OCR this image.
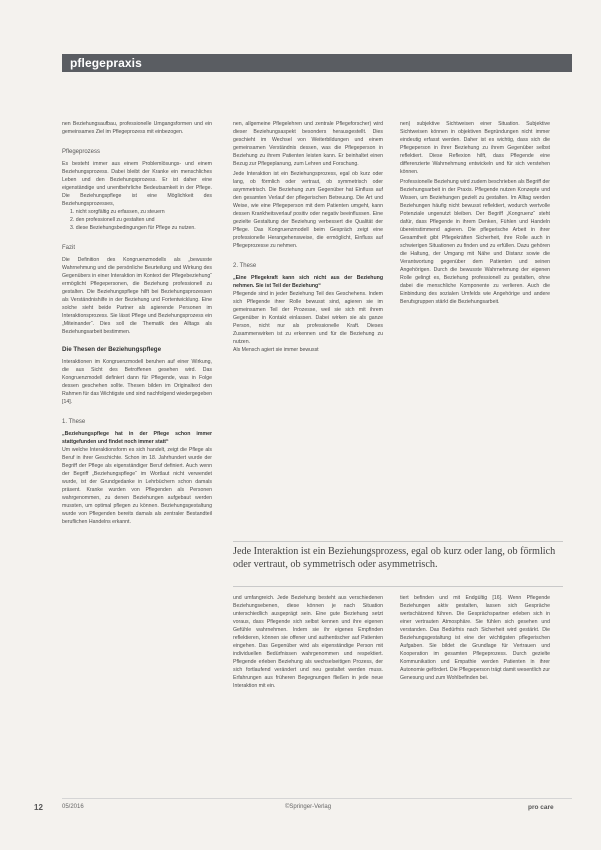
pflegepraxis

nen Beziehungsaufbau, professionelle Umgangsformen und ein gemeinsames Ziel im Pflegeprozess mit einbezogen.

Pflegeprozess

Es besteht immer aus einem Problemlösungs- und einem Beziehungsprozess. Dabei bleibt der Kranke ein menschliches Leben und den Beziehungsprozess. Er ist daher eine eigenständige und unentbehrliche Bedeutsamkeit in der Pflege. Die Beziehungspflege ist eine Möglichkeit des Beziehungsprozesses,

1. nicht sorgfältig zu erfassen, zu steuern
2. den professionell zu gestalten und
3. diese Beziehungsbedingungen für Pflege zu nutzen.
Fazit

Die Definition des Kongruenzmodells als „bewusste Wahrnehmung und die persönliche Beurteilung und Wirkung des Gegenübers in einer Interaktion im Kontext der Pflegebeziehung“ ermöglicht Pflegepersonen, die Beziehung professionell zu gestalten. Die Beziehungspflege hilft bei Beziehungsprozessen als Verständnishilfe in der Beziehung und Fortentwicklung. Eine solche sieht beide Partner als agierende Personen im Interaktionsprozess. Sie lässt Pflege und Beziehungsprozess ein „Miteinander“. Dies soll die Thematik des Alltags als Beziehungsarbeit bestimmen.

Die Thesen der Beziehungspflege

Interaktionen im Kongruenzmodell beruhen auf einer Wirkung, die aus Sicht des Betroffenen gesehen wird. Das Kongruenzmodell definiert dann für Pflegende, was in Folge dessen geschehen sollte. Thesen bilden im Originaltext den Rahmen für das Wichtigste und sind nachfolgend wiedergegeben [14].

1. These

„Beziehungspflege hat in der Pflege schon immer stattgefunden und findet noch immer statt“

Um welche Interaktionsform es sich handelt, zeigt die Pflege als Beruf in ihrer Geschichte. Schon im 18. Jahrhundert wurde der Begriff der Pflege als eigenständiger Beruf definiert. Auch wenn der Begriff „Beziehungspflege“ im Wortlaut nicht verwendet wurde, ist der Grundgedanke in Lehrbüchern schon damals präsent. Kranke wurden von Pflegenden als Personen wahrgenommen, zu denen Beziehungen aufgebaut werden mussten, um optimal pflegen zu können. Beziehungsgestaltung wurde von Pflegenden bereits damals als zentraler Bestandteil beruflichen Handelns erkannt.

nen, allgemeine Pflegelehren und zentrale Pflegeforscher) wird dieser Beziehungsaspekt besonders herausgestellt. Dies geschieht im Wechsel von Weiterbildungen und einem gemeinsamen Verständnis dessen, was die Pflegeperson in Beziehung zu ihrem Patienten leisten kann. Er beinhaltet einen Bezug zur Pflegeplanung, zum Lehren und Forschung.

Jede Interaktion ist ein Beziehungsprozess, egal ob kurz oder lang, ob förmlich oder vertraut, ob symmetrisch oder asymmetrisch. Die Beziehung zum Gegenüber hat Einfluss auf den gesamten Verlauf der pflegerischen Betreuung. Die Art und Weise, wie eine Pflegeperson mit dem Patienten umgeht, kann dessen Krankheitsverlauf positiv oder negativ beeinflussen. Eine gezielte Gestaltung der Beziehung verbessert die Qualität der Pflege. Das Kongruenzmodell beim Gespräch zeigt eine professionelle Herangehensweise, die ermöglicht, Einfluss auf Pflegeprozesse zu nehmen.

2. These

„Eine Pflegekraft kann sich nicht aus der Beziehung nehmen. Sie ist Teil der Beziehung“

Pflegende sind in jeder Beziehung Teil des Geschehens. Indem sich Pflegende ihrer Rolle bewusst sind, agieren sie im gemeinsamen Teil der Prozesse, weil sie sich mit ihrem Gegenüber in Kontakt einlassen. Dabei wirken sie als ganze Person, nicht nur als professionelle Kraft. Dieses Zusammenwirken ist zu erkennen und für die Beziehung zu nutzen.

Als Mensch agiert sie immer bewusst

nen) subjektive Sichtweisen einer Situation. Subjektive Sichtweisen können in objektiven Begründungen nicht immer eindeutig erfasst werden. Daher ist es wichtig, dass sich die Pflegeperson in ihrer Beziehung zu ihrem Gegenüber selbst reflektiert. Diese Reflexion hilft, dass Pflegende eine differenzierte Wahrnehmung entwickeln und für sich verstehen können.

Professionelle Beziehung wird zudem beschrieben als Begriff der Beziehungsarbeit in der Praxis. Pflegende nutzen Konzepte und Wissen, um Beziehungen gezielt zu gestalten. Im Alltag werden Beziehungen häufig nicht bewusst reflektiert, wodurch wertvolle Potenziale ungenutzt bleiben. Der Begriff „Kongruenz“ steht dafür, dass Pflegende in ihrem Denken, Fühlen und Handeln übereinstimmend agieren. Die pflegerische Arbeit in ihrer Gesamtheit gibt Pflegekräften Sicherheit, ihre Rolle auch in schwierigen Situationen zu finden und zu erfüllen. Dazu gehören die Haltung, der Umgang mit Nähe und Distanz sowie die Verantwortung gegenüber dem Patienten und seinen Angehörigen. Durch die bewusste Wahrnehmung der eigenen Rolle gelingt es, Beziehung professionell zu gestalten, ohne dabei die menschliche Komponente zu verlieren. Auch die Einbindung des sozialen Umfelds wie Angehörige und andere Berufsgruppen stärkt die Beziehungsarbeit.

Jede Interaktion ist ein Beziehungsprozess, egal ob kurz oder lang, ob förmlich oder vertraut, ob symmetrisch oder asymmetrisch.

und umfangreich. Jede Beziehung besteht aus verschiedenen Beziehungsebenen, diese können je nach Situation unterschiedlich ausgeprägt sein. Eine gute Beziehung setzt voraus, dass Pflegende sich selbst kennen und ihre eigenen Gefühle wahrnehmen. Indem sie ihr eigenes Empfinden reflektieren, können sie offener und authentischer auf Patienten eingehen. Das Gegenüber wird als eigenständige Person mit individuellen Bedürfnissen wahrgenommen und respektiert. Pflegende erleben Beziehung als wechselseitigen Prozess, der sich fortlaufend verändert und neu gestaltet werden muss. Erfahrungen aus früheren Begegnungen fließen in jede neue Interaktion mit ein.

tiert befinden und mit Endgültig [16]. Wenn Pflegende Beziehungen aktiv gestalten, lassen sich Gespräche wertschätzend führen. Die Gesprächspartner erleben sich in einer vertrauten Atmosphäre. Sie fühlen sich gesehen und verstanden. Das Bedürfnis nach Sicherheit wird gestärkt. Die Beziehungsgestaltung ist eine der wichtigsten pflegerischen Aufgaben. Sie bildet die Grundlage für Vertrauen und Kooperation im gesamten Pflegeprozess. Durch gezielte Kommunikation und Empathie werden Patienten in ihrer Autonomie gefördert. Die Pflegeperson trägt damit wesentlich zur Genesung und zum Wohlbefinden bei.

12	05/2016	©Springer-Verlag	pro care
